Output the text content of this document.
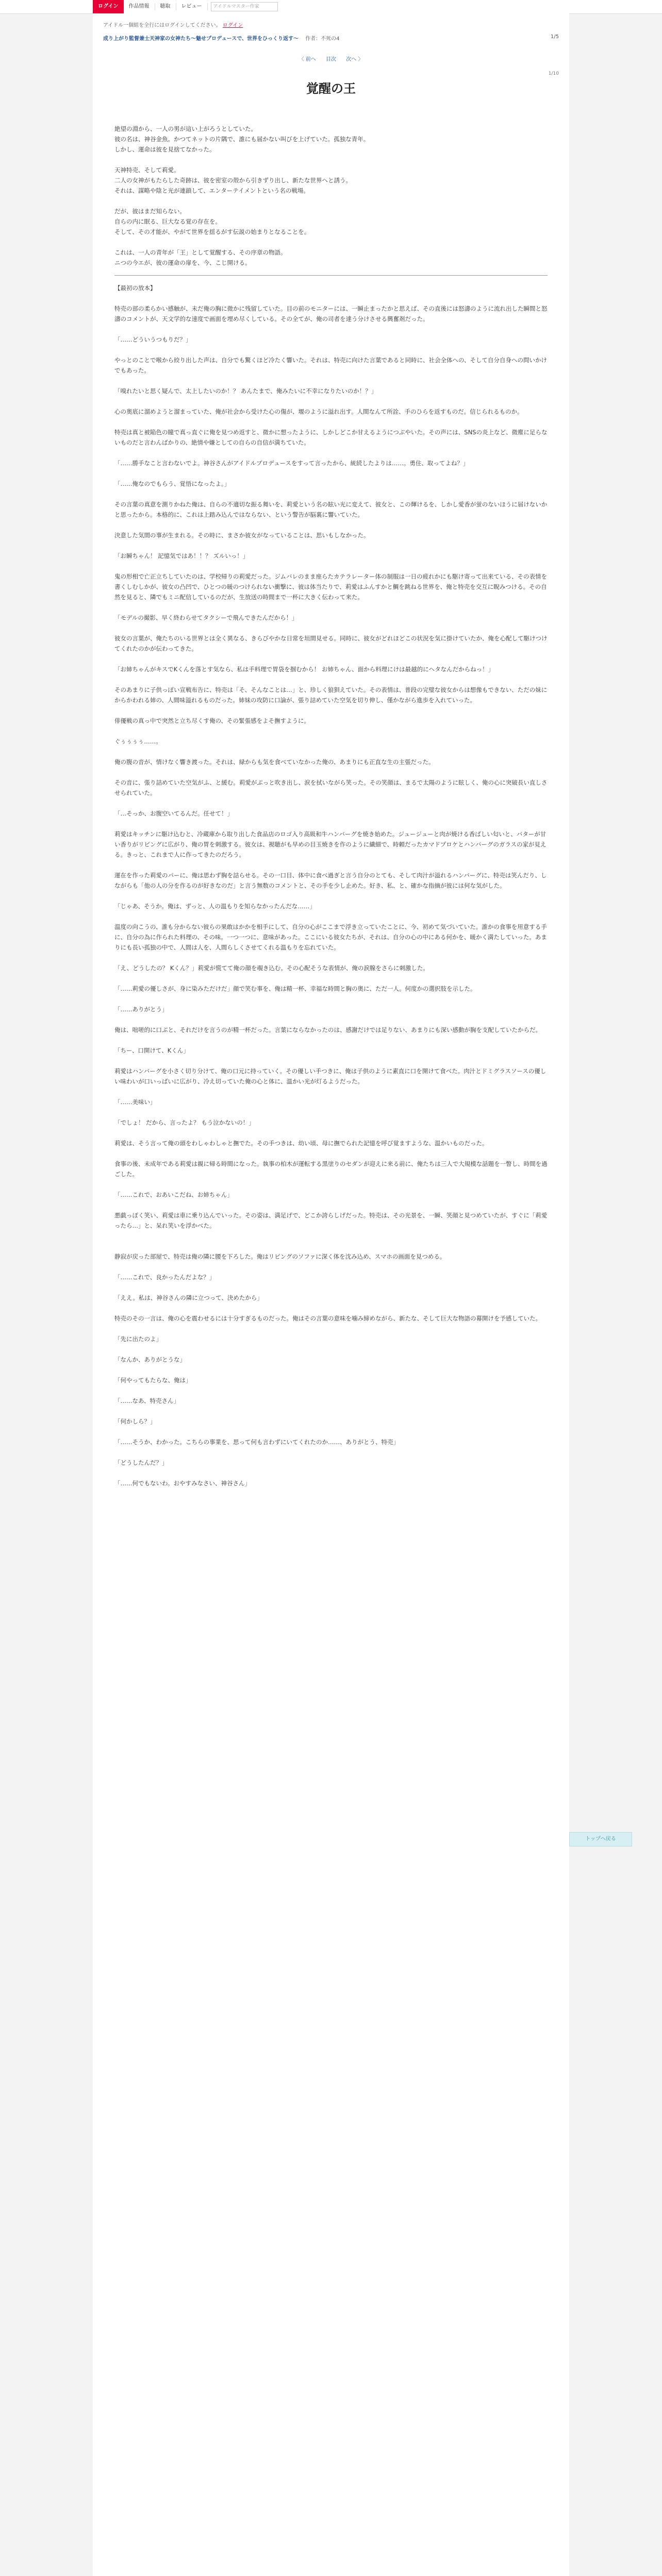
ログイン	作品情報	聴取	レビュー	アイドルマスター作家
アイドル一個組を全行にはログインしてください。 ログイン
成り上がり監督兼士天神家の女神たち〜魅せプロデュースで、世界をひっくり返す〜 作者：不死の4	1/5
〈 前へ 目次 次へ 〉
1/10
覚醒の王

絶望の淵から、一人の男が這い上がろうとしていた。

彼の名は、神谷金魚。かつてネットの片隅で、誰にも届かない叫びを上げていた。孤独な青年。

しかし、運命は彼を見捨てなかった。

天神特売、そして莉愛。

二人の女神がもたらした奇跡は、彼を密室の殻から引きずり出し、新たな世界へと誘う。

それは、謀略や陰と光が連鎖して、エンターテイメントという名の戦場。

だが、彼はまだ知らない。

自らの内に眠る、巨大なる覚の存在を。

そして、その才能が、やがて世界を揺るがす伝説の始まりとなることを。

これは、一人の青年が「王」として覚醒する、その序章の物語。

ニつの今エが、彼の運命の扉を、今、こじ開ける。

【最初の放本】

特売の部の柔らかい感触が、未だ俺の胸に微かに残留していた。目の前のモニターには、一瞬止まったかと思えば、その直後には怒濤のように流れ出した瞬間と怒濤のコメントが、天文学的な速度で画面を埋め尽くしている。その全てが、俺の司者を達う分けさせる興奮剤だった。

「……どういうつもりだ？」

やっとのことで喉から絞り出した声は、自分でも驚くほど冷たく響いた。それは、特売に向けた言葉であると同時に、社会全体への、そして自分自身への問いかけでもあった。

「嗅れたいと思く疑んで、太上したいのか！？ あんたまで、俺みたいに不幸になりたいのか！？」

心の奥底に溜めようと溜まっていた、俺が社会から受けた心の傷が、堰のように溢れ出す。人間なんて所詮、手のひらを返すものだ。信じられるものか。

特売は真と被陥色の瞳で真っ直ぐに俺を見つめ返すと、微かに想ったように、しかしどこか甘えるようにつぶやいた。その声には、SNSの炎上など、微塵に足らないものだと言わんばかりの、絶情や嫌としての自らの自信が満ちていた。

「……勝手なこと言わないでよ。神谷さんがアイドルプロデュースをすって言ったから、統続したよりは……。勇住、取ってよね？」

「……俺なのでもらう、覚悟になったよ。」

その言葉の真意を測りかねた俺は、自らの不適切な振る舞いを、莉愛という名の眩い光に変えて、彼女と、この輝けるを、しかし愛香が蛍のないほうに届けないかと思ったから。本格的に、これは上踏み込んではならない、という警告が脳裏に響いていた。

決意した気間の事が生まれる。その時に、まさか彼女がなっていることは、思いもしなかった。

「お瞬ちゃん！ 記憶気ではあ！！？ ズルいっ！」

鬼の形相で亡正立ちしていたのは、学校帰りの莉愛だった。ジムバレのまま座らたカテラレーター体の制服は一日の疲れかにも駆け寄って出来ている、その表情を書くしむしかが、彼女の凸凹で、ひとつの暖のつけられない衝撃に、彼は体当たりで、莉愛はふんすかと鯛を跳ねる世界を、俺と特売を交互に睨みつける。その自然を見ると、隣でもミニ配信しているのだが、生放送の時間まで一杯に大きく伝わって来た。

「モデルの撮影、早く終わらせてタクシーで飛んできたんだから！」

彼女の言葉が、俺たちのいる世界とは全く異なる、きらびやかな日常を垣間見せる。同時に、彼女がどれほどこの状況を気に掛けていたか、俺を心配して駆けつけてくれたのかが伝わってきた。

「お姉ちゃんがキスでKくんを落とす気なら、私は手料理で胃袋を掴むから！ お姉ちゃん、面から料理にけは最越的にヘタなんだからねっ！」

そのあまりに子供っぽい宣戦布告に、特売は「そ、そんなことは…」と、珍しく狼狽えていた。その表情は、普段の完璧な彼女からは想像もできない、ただの妹にからかわれる姉の、人間味溢れるものだった。姉妹の攻防に口論が、張り詰めていた空気を切り伸し、僅かながら進歩を入れていった。

俳優戦の真っ中で突然と立ち尽くす俺の、その緊張感をよそ撫すように。

ぐぅぅぅぅ……。

俺の腹の音が、情けなく響き渡った。それは、緑からも気を食べていなかった俺の、あまりにも正直な生の主張だった。

その音に、張り詰めていた空気がふ、と緩む。莉愛がぷっと吹き出し、涙を拭いながら笑った。その笑顔は、まるで太陽のように眩しく、俺の心に突破長い直しさせられていた。

「…そっか、お腹空いてるんだ。任せて！」

莉愛はキッチンに駆け込むと、冷蔵庫から取り出した食品店のロゴ入り高級和牛ハンバーグを焼き始めた。ジュージューと肉が焼ける香ばしい匂いと、バターが甘い香りがリビングに広がり、俺の胃を刺激する。彼女は、視聴がも早めの目玉焼きを作のように繊細で、時頼だったカマドプロケとハンバーグのガラスの家が見える。きっと、これまで人に作ってきたのだろう。

運在を作った莉愛のパーに、俺は思わず胸を詰らせる。その一口目、体中に食べ過ぎと言う自分のとても、そして肉汁が溢れるハンバーグに、特売は笑んだり、しながらも「他の人の分を作るのが好きなのだ」と言う無数のコメントと、その手を少し止めた。好き、私、と、確かな指摘が彼には何な気がした。

「じゃあ、そうか。俺は、ずっと、人の温もりを知らなかったんだな……」

温度の向こうの、誰も分からない彼らの果敢はかかを相手にして、自分の心がここまで浮き立っていたことに、今、初めて気づいていた。誰かの食事を用意する手に、自分の為に作られた料理の、その味。一つ一つに、意味があった。ここにいる彼女たちが、それは、自分の心の中にある何かを、暖かく満たしていった。あまりにも長い孤独の中で、人間は人を、人間らしくさせてくれる温もりを忘れていた。

「え、どうしたの？ Kくん？」莉愛が慌てて俺の顔を覗き込む。その心配そうな表情が、俺の涙腺をさらに刺激した。

「……莉愛の優しさが、身に染みただけだ」顔で笑む事を、俺は精一杯、幸福な時間と胸の奥に、ただ一人。何度かの選択肢を示した。

「……ありがとう」

俺は、咄嗟的に口ぶと、それだけを言うのが精一杯だった。言葉にならなかったのは、感謝だけでは足りない、あまりにも深い感動が胸を支配していたからだ。

「ちー、口開けて、Kくん」

莉愛はハンバーグを小さく切り分けて、俺の口元に持っていく。その優しい手つきに、俺は子供のように素直に口を開けて食べた。肉汁とドミグラスソースの優しい味わいが口いっぱいに広がり、冷え切っていた俺の心と体に、温かい光が灯るようだった。

「……美味い」

「でしょ！ だから、言ったよ？ もう泣かないの！」

莉愛は、そう言って俺の頭をわしゃわしゃと撫でた。その手つきは、幼い頃、母に撫でられた記憶を呼び覚ますような、温かいものだった。

食事の後、未成年である莉愛は親に帰る時間になった。執事の柏木が運転する黒塗りのセダンが迎えに来る前に、俺たちは三人で大規模な話題を一瞥し、時間を過ごした。

「……これで、おあいこだね、お姉ちゃん」

悪戯っぽく笑い、莉愛は車に乗り込んでいった。その姿は、満足げで、どこか誇らしげだった。特売は、その光景を、一瞬、笑顔と見つめていたが、すぐに「莉愛ったら…」と、呆れ笑いを浮かべた。

静寂が戻った部屋で、特売は俺の隣に腰を下ろした。俺はリビングのソファに深く体を沈み込め、スマホの画面を見つめる。

「……これで、良かったんだよな？」

「ええ。私は、神谷さんの隣に立つって、決めたから」

特売のその一言は、俺の心を震わせるには十分すぎるものだった。俺はその言葉の意味を噛み締めながら、新たな、そして巨大な物語の幕開けを予感していた。

「先に出たのよ」

「なんか、ありがとうな」

「何やってもたらな、俺は」

「……なあ、特売さん」

「何かしら？」

「……そうか、わかった。こちらの事業を、思って何も言わずにいてくれたのか……、ありがとう、特売」

「どうしたんだ？」

「……何でもないわ。おやすみなさい、神谷さん」

トップへ戻る
